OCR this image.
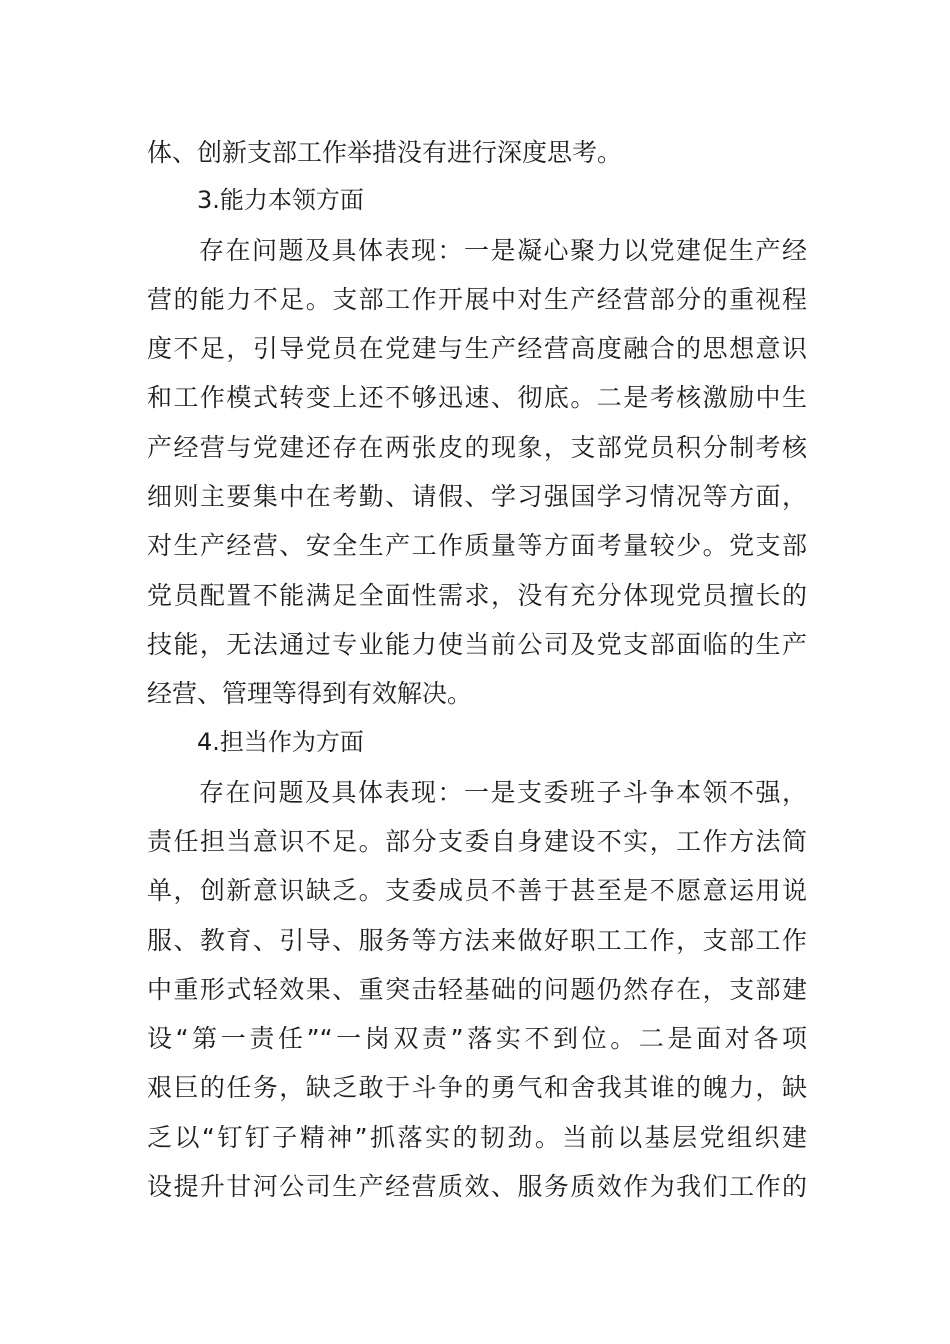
体、创新支部工作举措没有进行深度思考。
3.能力本领方面
存在问题及具体表现：一是凝心聚力以党建促生产经
营的能力不足。支部工作开展中对生产经营部分的重视程
度不足，引导党员在党建与生产经营高度融合的思想意识
和工作模式转变上还不够迅速、彻底。二是考核激励中生
产经营与党建还存在两张皮的现象，支部党员积分制考核
细则主要集中在考勤、请假、学习强国学习情况等方面，
对生产经营、安全生产工作质量等方面考量较少。党支部
党员配置不能满足全面性需求，没有充分体现党员擅长的
技能，无法通过专业能力使当前公司及党支部面临的生产
经营、管理等得到有效解决。
4.担当作为方面
存在问题及具体表现：一是支委班子斗争本领不强，
责任担当意识不足。部分支委自身建设不实，工作方法简
单，创新意识缺乏。支委成员不善于甚至是不愿意运用说
服、教育、引导、服务等方法来做好职工工作，支部工作
中重形式轻效果、重突击轻基础的问题仍然存在，支部建
设“第一责任”“一岗双责”落实不到位。二是面对各项
艰巨的任务，缺乏敢于斗争的勇气和舍我其谁的魄力，缺
乏以“钉钉子精神”抓落实的韧劲。当前以基层党组织建
设提升甘河公司生产经营质效、服务质效作为我们工作的
